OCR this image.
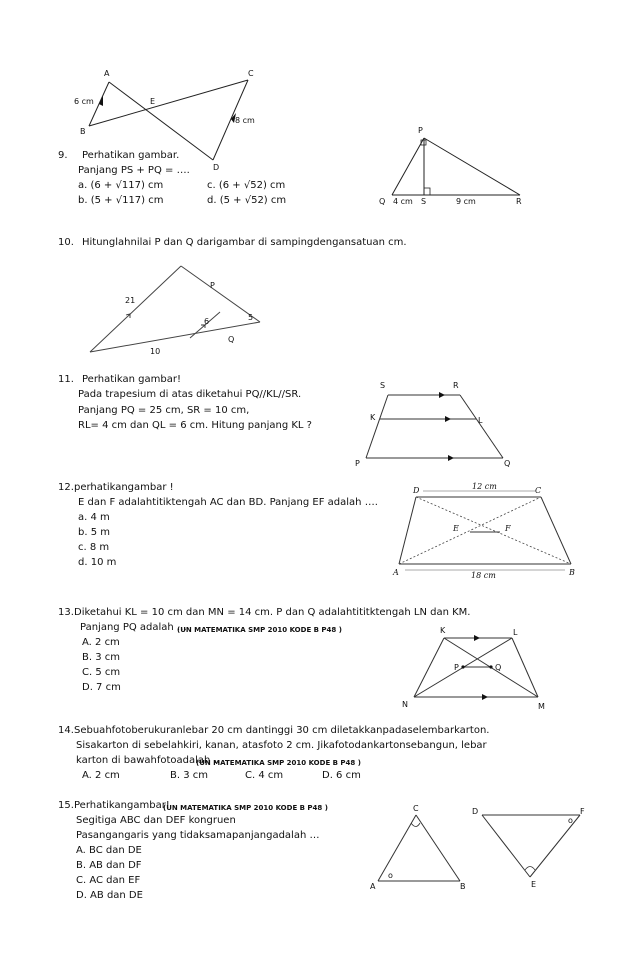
A
B
C
D
E
6 cm
8 cm
9. Perhatikan gambar.
Panjang PS + PQ = ….
a. (6 + √117) cm	c. (6 + √52) cm
b. (5 + √117) cm	d. (5 + √52) cm
P
Q 4 cm S	9 cm	R
10. Hitunglahnilai P dan Q darigambar di sampingdengansatuan cm.
21
P
6	5
10
Q
11. Perhatikan gambar!
Pada trapesium di atas diketahui PQ//KL//SR.
Panjang PQ = 25 cm, SR = 10 cm,
RL= 4 cm dan QL = 6 cm. Hitung panjang KL ?
S	R
K	L
P	Q
12. perhatikangambar !
E dan F adalahtitiktengah AC dan BD. Panjang EF adalah ….
a. 4 m
b. 5 m
c. 8 m
d. 10 m
D	C
A	B
E	F
12 cm
18 cm
13. Diketahui KL = 10 cm dan MN = 14 cm. P dan Q adalahtititktengah LN dan KM.
Panjang PQ adalah …
(UN MATEMATIKA SMP 2010 KODE B P48 )
A. 2 cm
B. 3 cm
C. 5 cm
D. 7 cm
K	L
P	Q
N	M
14. Sebuahfotoberukuranlebar 20 cm dantinggi 30 cm diletakkanpadaselembarkarton.
Sisakarton di sebelahkiri, kanan, atasfoto 2 cm. Jikafotodankartonsebangun, lebar
karton di bawahfotoadalah …
(UN MATEMATIKA SMP 2010 KODE B P48 )
A. 2 cm	B. 3 cm	C. 4 cm	D. 6 cm
15. Perhatikangambar!
(UN MATEMATIKA SMP 2010 KODE B P48 )
Segitiga ABC dan DEF kongruen
Pasangangaris yang tidaksamapanjangadalah …
A. BC dan DE
B. AB dan DF
C. AC dan EF
D. AB dan DE
C
A	B
o
D	F
E
o
